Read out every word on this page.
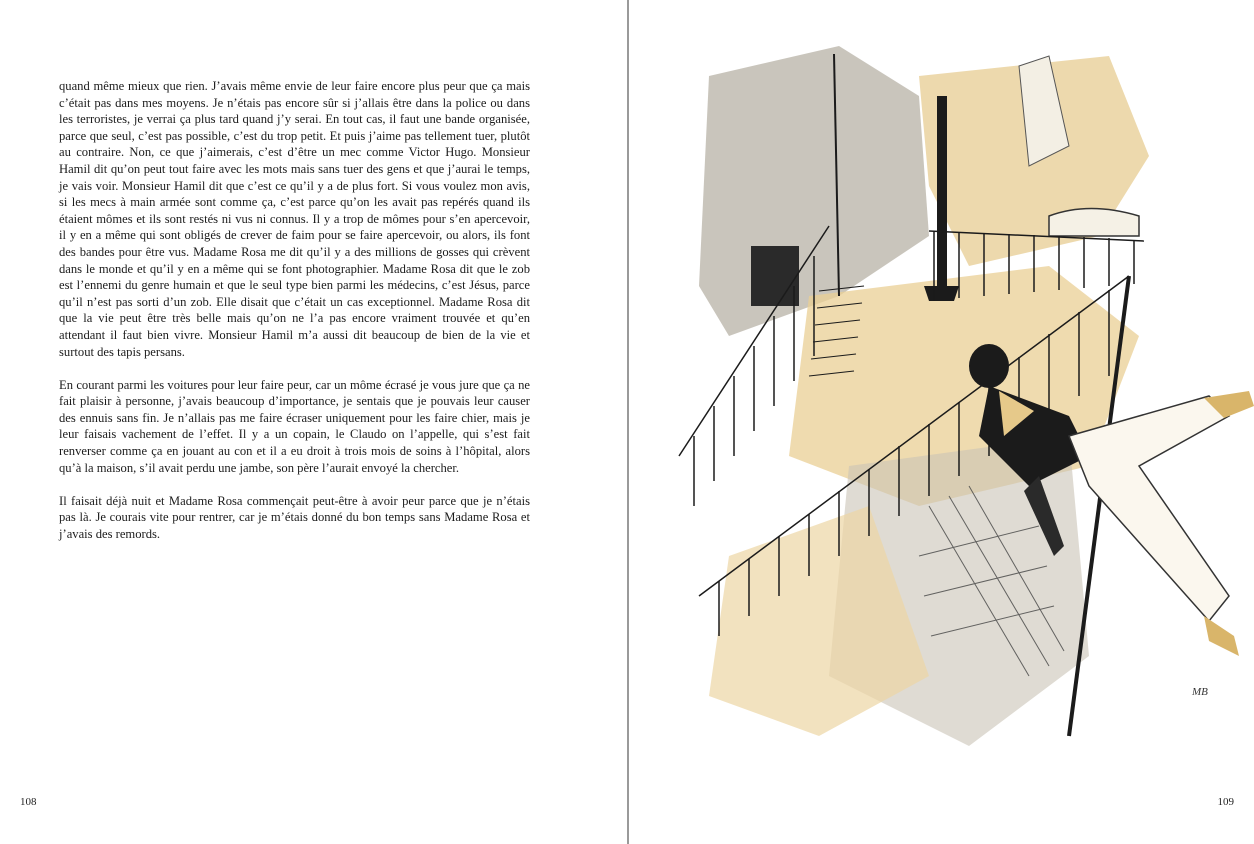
quand même mieux que rien. J’avais même envie de leur faire encore plus peur que ça mais c’était pas dans mes moyens. Je n’étais pas encore sûr si j’allais être dans la police ou dans les terroristes, je verrai ça plus tard quand j’y serai. En tout cas, il faut une bande organisée, parce que seul, c’est pas possible, c’est du trop petit. Et puis j’aime pas tellement tuer, plutôt au contraire. Non, ce que j’aimerais, c’est d’être un mec comme Victor Hugo. Monsieur Hamil dit qu’on peut tout faire avec les mots mais sans tuer des gens et que j’aurai le temps, je vais voir. Monsieur Hamil dit que c’est ce qu’il y a de plus fort. Si vous voulez mon avis, si les mecs à main armée sont comme ça, c’est parce qu’on les avait pas repérés quand ils étaient mômes et ils sont restés ni vus ni connus. Il y a trop de mômes pour s’en apercevoir, il y en a même qui sont obligés de crever de faim pour se faire apercevoir, ou alors, ils font des bandes pour être vus. Madame Rosa me dit qu’il y a des millions de gosses qui crèvent dans le monde et qu’il y en a même qui se font photographier. Madame Rosa dit que le zob est l’ennemi du genre humain et que le seul type bien parmi les médecins, c’est Jésus, parce qu’il n’est pas sorti d’un zob. Elle disait que c’était un cas exceptionnel. Madame Rosa dit que la vie peut être très belle mais qu’on ne l’a pas encore vraiment trouvée et qu’en attendant il faut bien vivre. Monsieur Hamil m’a aussi dit beaucoup de bien de la vie et surtout des tapis persans.

En courant parmi les voitures pour leur faire peur, car un môme écrasé je vous jure que ça ne fait plaisir à personne, j’avais beaucoup d’importance, je sentais que je pouvais leur causer des ennuis sans fin. Je n’allais pas me faire écraser uniquement pour les faire chier, mais je leur faisais vachement de l’effet. Il y a un copain, le Claudo on l’appelle, qui s’est fait renverser comme ça en jouant au con et il a eu droit à trois mois de soins à l’hôpital, alors qu’à la maison, s’il avait perdu une jambe, son père l’aurait envoyé la chercher.

Il faisait déjà nuit et Madame Rosa commençait peut-être à avoir peur parce que je n’étais pas là. Je courais vite pour rentrer, car je m’étais donné du bon temps sans Madame Rosa et j’avais des remords.

108
MB
109
